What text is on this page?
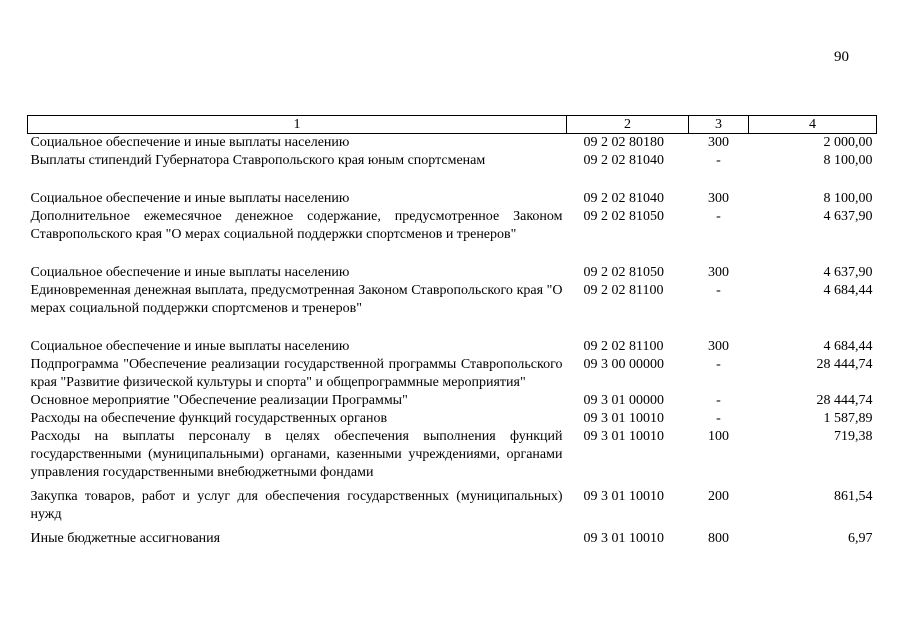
90
1	2	3	4
Социальное обеспечение и иные выплаты населению	09 2 02 80180	300	2 000,00
Выплаты стипендий Губернатора Ставропольского края юным спортсменам	09 2 02 81040	-	8 100,00
Социальное обеспечение и иные выплаты населению	09 2 02 81040	300	8 100,00
Дополнительное ежемесячное денежное содержание, предусмотренное Законом Ставропольского края "О мерах социальной поддержки спортсменов и тренеров"	09 2 02 81050	-	4 637,90
Социальное обеспечение и иные выплаты населению	09 2 02 81050	300	4 637,90
Единовременная денежная выплата, предусмотренная Законом Ставропольского края "О мерах социальной поддержки спортсменов и тренеров"	09 2 02 81100	-	4 684,44
Социальное обеспечение и иные выплаты населению	09 2 02 81100	300	4 684,44
Подпрограмма "Обеспечение реализации государственной программы Ставропольского края "Развитие физической культуры и спорта" и общепрограммные мероприятия"	09 3 00 00000	-	28 444,74
Основное мероприятие "Обеспечение реализации Программы"	09 3 01 00000	-	28 444,74
Расходы на обеспечение функций государственных органов	09 3 01 10010	-	1 587,89
Расходы на выплаты персоналу в целях обеспечения выполнения функций государственными (муниципальными) органами, казенными учреждениями, органами управления государственными внебюджетными фондами	09 3 01 10010	100	719,38
Закупка товаров, работ и услуг для обеспечения государственных (муниципальных) нужд	09 3 01 10010	200	861,54
Иные бюджетные ассигнования	09 3 01 10010	800	6,97
